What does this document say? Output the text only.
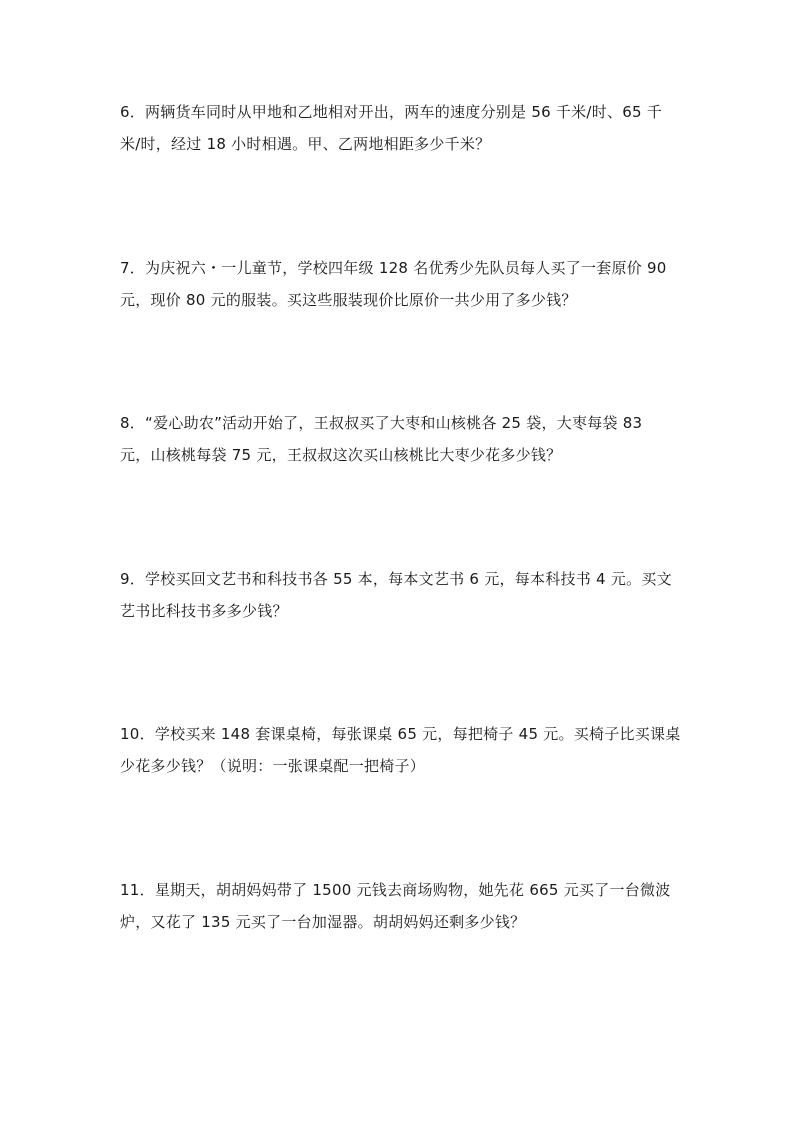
6．两辆货车同时从甲地和乙地相对开出，两车的速度分别是 56 千米/时、65 千
米/时，经过 18 小时相遇。甲、乙两地相距多少千米？
7．为庆祝六・一儿童节，学校四年级 128 名优秀少先队员每人买了一套原价 90
元，现价 80 元的服装。买这些服装现价比原价一共少用了多少钱？
8．“爱心助农”活动开始了，王叔叔买了大枣和山核桃各 25 袋，大枣每袋 83
元，山核桃每袋 75 元，王叔叔这次买山核桃比大枣少花多少钱？
9．学校买回文艺书和科技书各 55 本，每本文艺书 6 元，每本科技书 4 元。买文
艺书比科技书多多少钱？
10．学校买来 148 套课桌椅，每张课桌 65 元，每把椅子 45 元。买椅子比买课桌
少花多少钱？（说明：一张课桌配一把椅子）
11．星期天，胡胡妈妈带了 1500 元钱去商场购物，她先花 665 元买了一台微波
炉，又花了 135 元买了一台加湿器。胡胡妈妈还剩多少钱？
